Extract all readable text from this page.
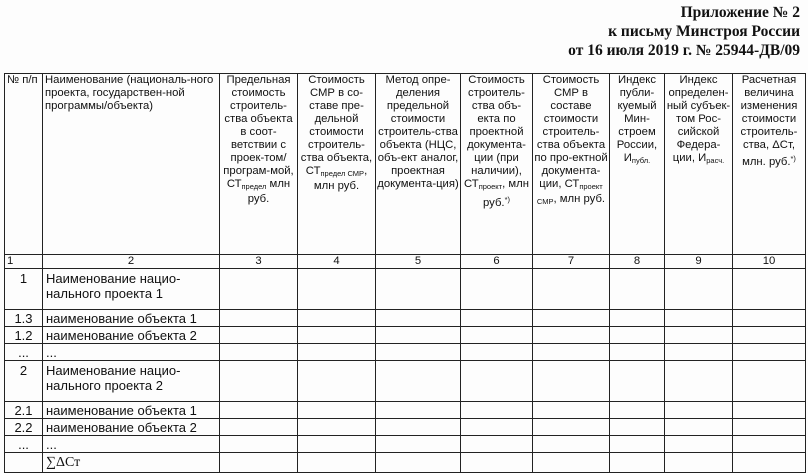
Приложение № 2
к письму Минстроя России
от 16 июля 2019 г. № 25944-ДВ/09
№ п/п	Наименование (националь-ного проекта, государствен-ной программы/объекта)	Предельная стоимость строитель-ства объекта в соот-ветствии с проек-том/програм-мой, $СТ_{предел}$ млн руб.	Стоимость СМР в со-ставе пре-дельной стоимости строитель-ства объекта, $СТ_{предел СМР}$, млн руб.	Метод опре-деления предельной стоимости строитель-ства объекта (НЦС, объ-ект аналог, проектная документа-ция)	Стоимость строитель-ства объ-екта по проектной документа-ции (при наличии), $СТ_{проект}$, млн руб.*)	Стоимость СМР в составе стоимости строитель-ства объекта по про-ектной документа-ции, $СТ_{проект СМР}$, млн руб.	Индекс публи-куемый Мин-строем России, $И_{публ.}$	Индекс определен-ный субъек-том Рос-сийской Федера-ции, $И_{расч.}$	Расчетная величина изменения стоимости строитель-ства, ΔСт, млн. руб.*)
1	2	3	4	5	6	7	8	9	10
1	Наименование нацио-нального проекта 1								
1.3	наименование объекта 1								
1.2	наименование объекта 2								
...	...								
2	Наименование нацио-нального проекта 2								
2.1	наименование объекта 1								
2.2	наименование объекта 2								
...	...								
	∑ΔСт								
